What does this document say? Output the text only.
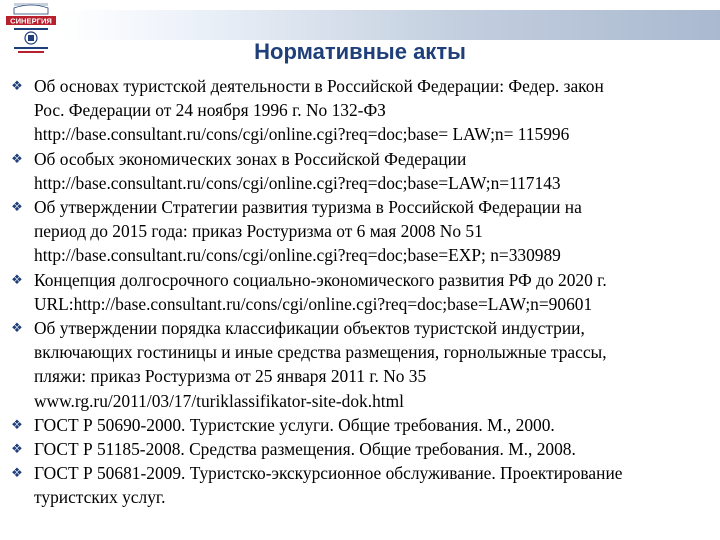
СИНЕРГИЯ
Нормативные акты
❖ Об основах туристской деятельности в Российской Федерации: Федер. закон
Рос. Федерации от 24 ноября 1996 г. No 132-ФЗ
http://base.consultant.ru/cons/cgi/online.cgi?req=doc;base= LAW;n= 115996
❖ Об особых экономических зонах в Российской Федерации
http://base.consultant.ru/cons/cgi/online.cgi?req=doc;base=LAW;n=117143
❖ Об утверждении Стратегии развития туризма в Российской Федерации на
период до 2015 года: приказ Ростуризма от 6 мая 2008 No 51
http://base.consultant.ru/cons/cgi/online.cgi?req=doc;base=EXP; n=330989
❖ Концепция долгосрочного социально-экономического развития РФ до 2020 г.
URL:http://base.consultant.ru/cons/cgi/online.cgi?req=doc;base=LAW;n=90601
❖ Об утверждении порядка классификации объектов туристской индустрии,
включающих гостиницы и иные средства размещения, горнолыжные трассы,
пляжи: приказ Ростуризма от 25 января 2011 г. No 35
www.rg.ru/2011/03/17/turiklassifikator-site-dok.html
❖ ГОСТ Р 50690-2000. Туристские услуги. Общие требования. М., 2000.
❖ ГОСТ Р 51185-2008. Средства размещения. Общие требования. М., 2008.
❖ ГОСТ Р 50681-2009. Туристско-экскурсионное обслуживание. Проектирование
туристских услуг.
